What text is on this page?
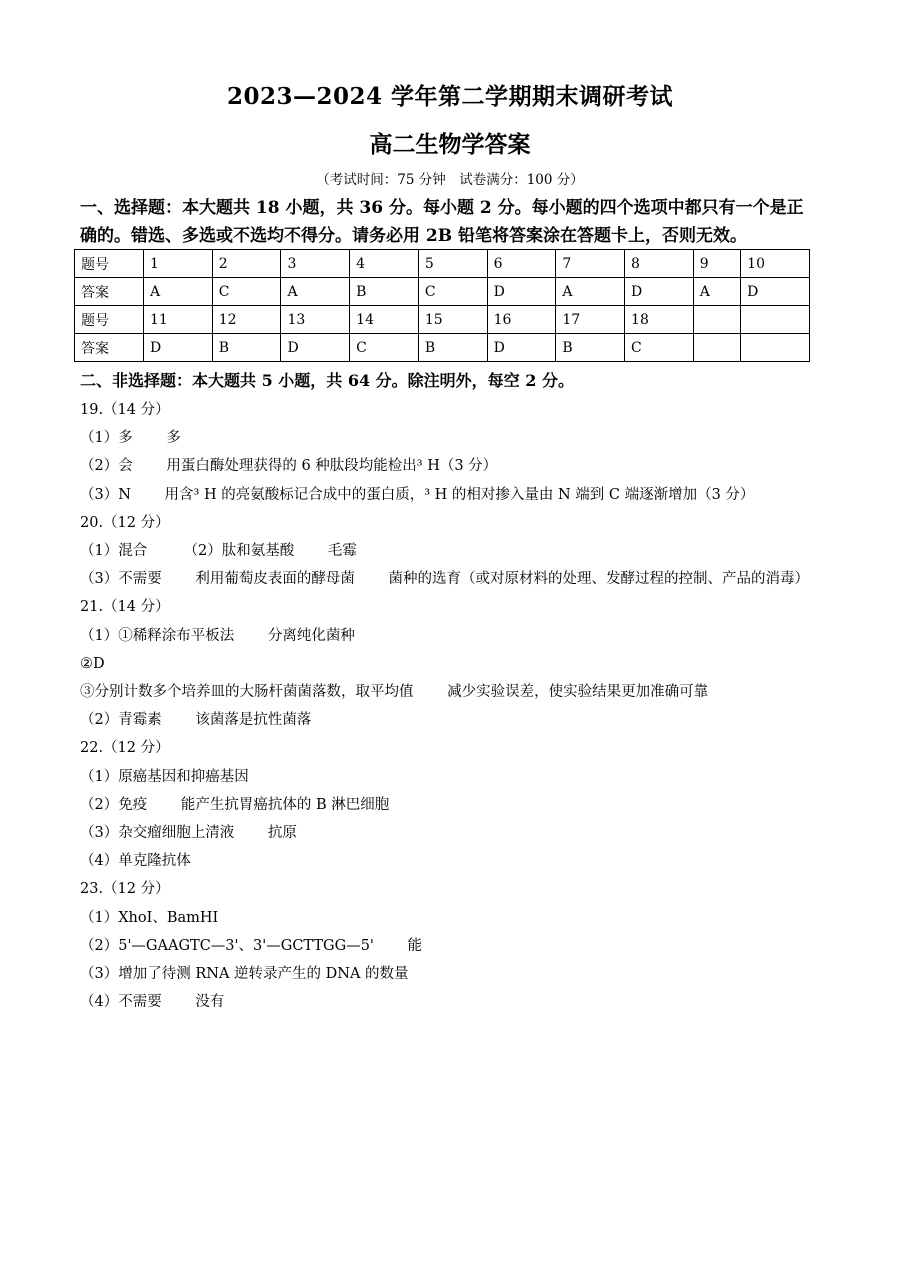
2023—2024 学年第二学期期末调研考试
高二生物学答案
（考试时间：75 分钟　试卷满分：100 分）
一、选择题：本大题共 18 小题，共 36 分。每小题 2 分。每小题的四个选项中都只有一个是正确的。错选、多选或不选均不得分。请务必用 2B 铅笔将答案涂在答题卡上，否则无效。
题号	1	2	3	4	5	6	7	8	9	10
答案	A	C	A	B	C	D	A	D	A	D
题号	11	12	13	14	15	16	17	18		
答案	D	B	D	C	B	D	B	C		
二、非选择题：本大题共 5 小题，共 64 分。除注明外，每空 2 分。
19.（14 分）
（1）多　　 多
（2）会　　 用蛋白酶处理获得的 6 种肽段均能检出³ H（3 分）
（3）N　　 用含³ H 的亮氨酸标记合成中的蛋白质，³ H 的相对掺入量由 N 端到 C 端逐渐增加（3 分）
20.（12 分）
（1）混合　　　（2）肽和氨基酸　　 毛霉
（3）不需要　　 利用葡萄皮表面的酵母菌　　 菌种的选育（或对原材料的处理、发酵过程的控制、产品的消毒）
21.（14 分）
（1）①稀释涂布平板法　　 分离纯化菌种
②D
③分别计数多个培养皿的大肠杆菌菌落数，取平均值　　 减少实验误差，使实验结果更加准确可靠
（2）青霉素　　 该菌落是抗性菌落
22.（12 分）
（1）原癌基因和抑癌基因
（2）免疫　　 能产生抗胃癌抗体的 B 淋巴细胞
（3）杂交瘤细胞上清液　　 抗原
（4）单克隆抗体
23.（12 分）
（1）XhoⅠ、BamHⅠ
（2）5'—GAAGTC—3'、3'—GCTTGG—5'　　 能
（3）增加了待测 RNA 逆转录产生的 DNA 的数量
（4）不需要　　 没有
